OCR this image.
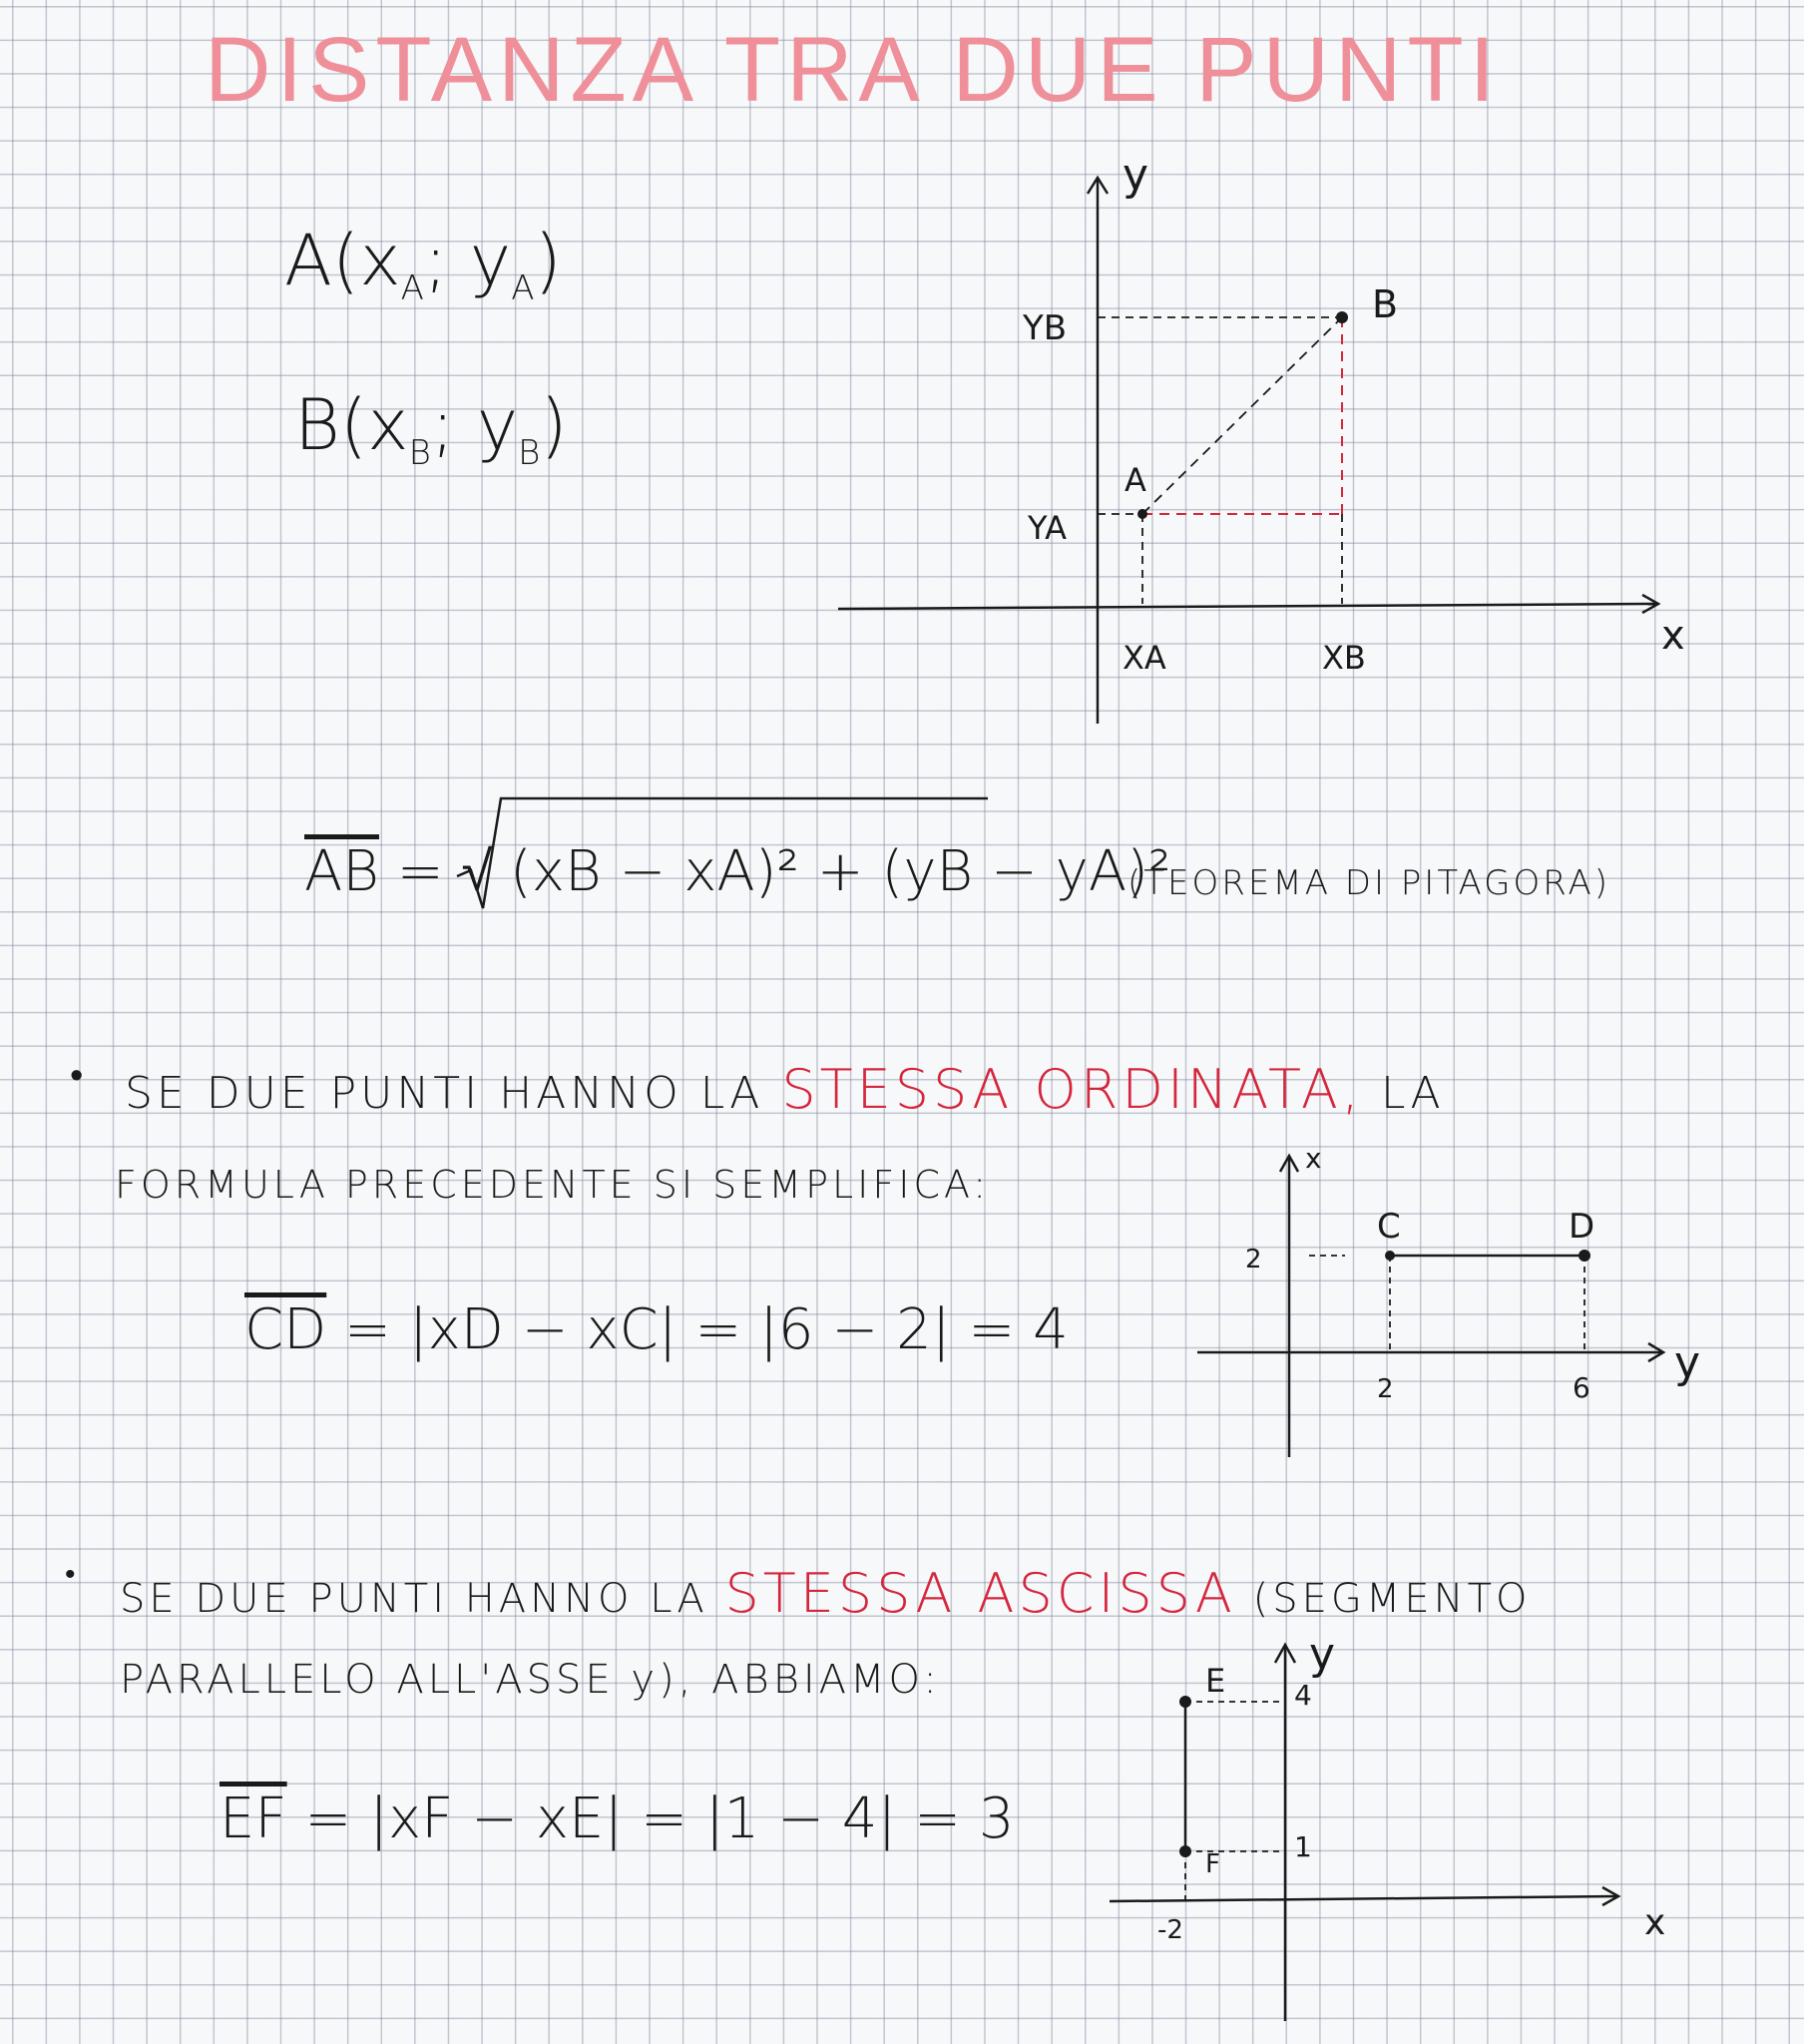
DISTANZA TRA DUE PUNTI
$A(x_A$; $y_A$)
$B(x_B$; $y_B$)
y
x
B
A
YB
YA
XA	XB
$\overline{AB}$ = √ (xB − xA)² + (yB − yA)²
(TEOREMA DI PITAGORA)
• SE DUE PUNTI HANNO LA STESSA ORDINATA, LA
FORMULA PRECEDENTE SI SEMPLIFICA:
$\overline{CD} = |xD - xC| = |6 - 2| = 4$
x
y
C	D
2
2	6
•
SE DUE PUNTI HANNO LA STESSA ASCISSA (SEGMENTO
PARALLELO ALL'ASSE y), ABBIAMO:
$\overline{EF} = |xF - xE| = |1 - 4| = 3$
y
x
E
F
4
1
-2
